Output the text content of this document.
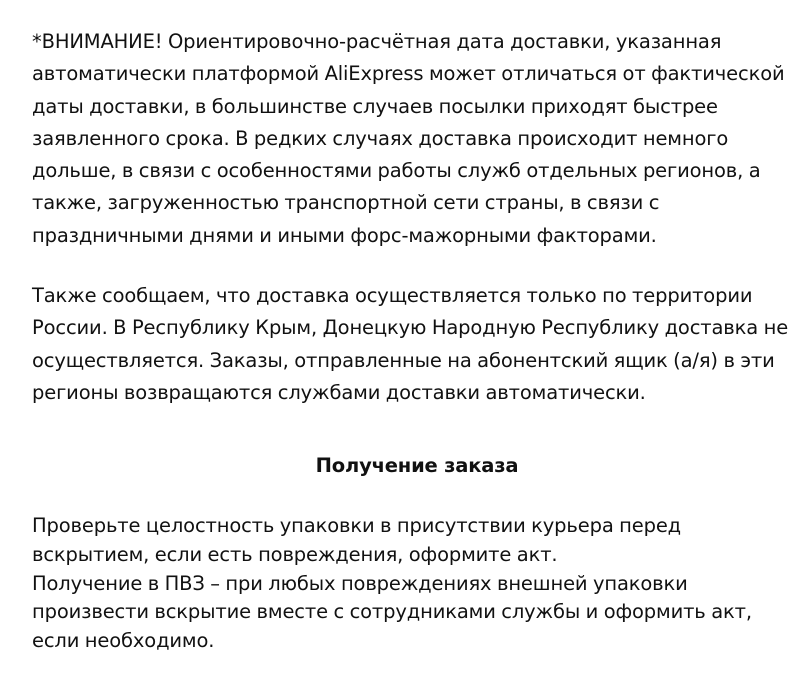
*ВНИМАНИЕ! Ориентировочно-расчётная дата доставки, указанная автоматически платформой AliExpress может отличаться от фактической даты доставки, в большинстве случаев посылки приходят быстрее заявленного срока. В редких случаях доставка происходит немного дольше, в связи с особенностями работы служб отдельных регионов, а также, загруженностью транспортной сети страны, в связи с праздничными днями и иными форс-мажорными факторами.

Также сообщаем, что доставка осуществляется только по территории России. В Республику Крым, Донецкую Народную Республику доставка не осуществляется. Заказы, отправленные на абонентский ящик (а/я) в эти регионы возвращаются службами доставки автоматически.

Получение заказа
Проверьте целостность упаковки в присутствии курьера перед вскрытием, если есть повреждения, оформите акт.
Получение в ПВЗ – при любых повреждениях внешней упаковки произвести вскрытие вместе с сотрудниками службы и оформить акт, если необходимо.
